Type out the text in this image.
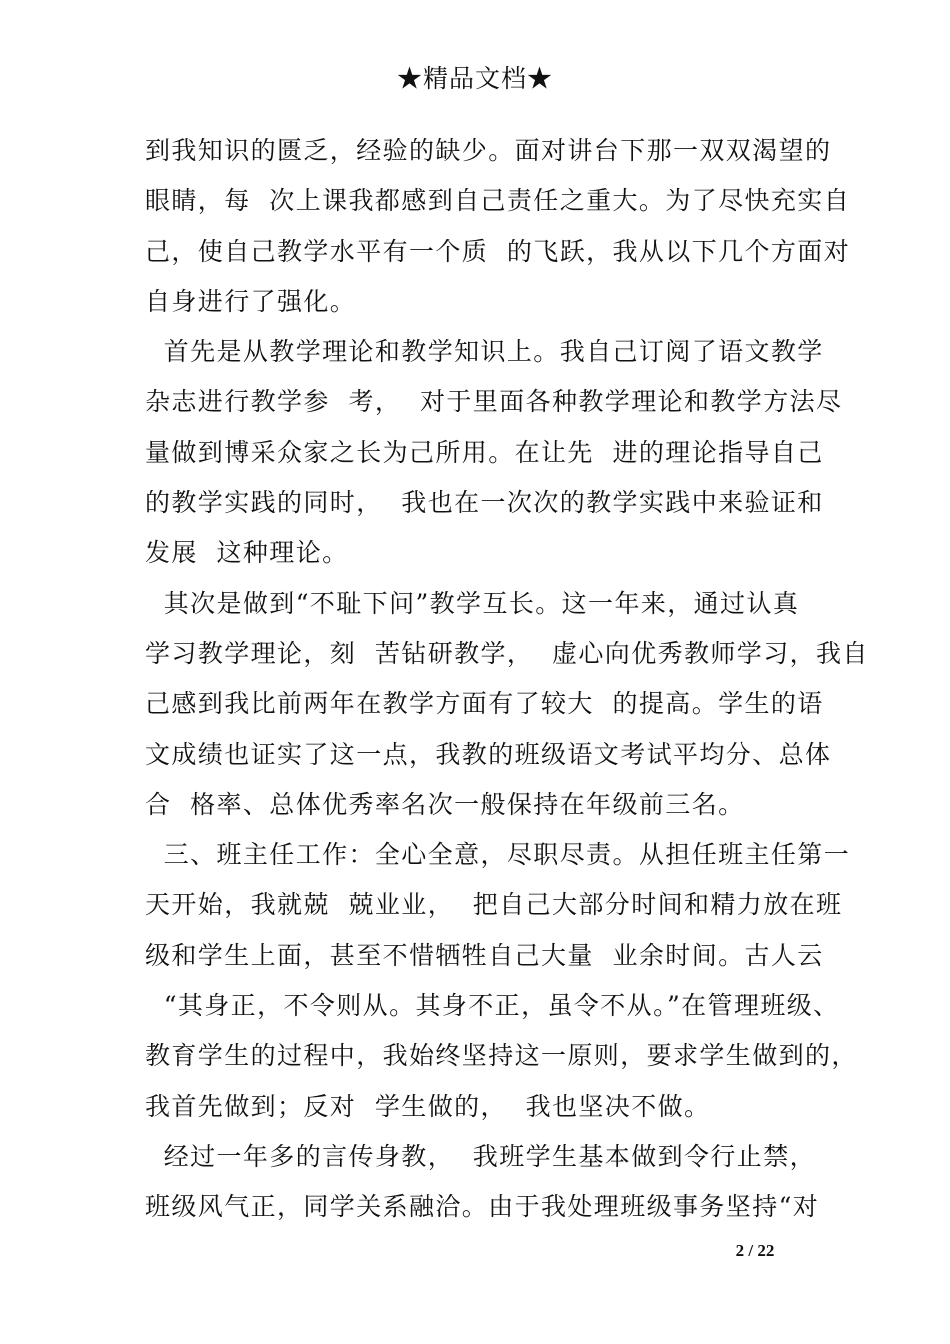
★精品文档★
到我知识的匮乏，经验的缺少。面对讲台下那一双双渴望的
眼睛，每  次上课我都感到自己责任之重大。为了尽快充实自
己，使自己教学水平有一个质  的飞跃，我从以下几个方面对
自身进行了强化。
首先是从教学理论和教学知识上。我自己订阅了语文教学
杂志进行教学参  考，  对于里面各种教学理论和教学方法尽
量做到博采众家之长为己所用。在让先  进的理论指导自己
的教学实践的同时，  我也在一次次的教学实践中来验证和
发展  这种理论。
其次是做到“不耻下问”教学互长。这一年来，通过认真
学习教学理论，刻  苦钻研教学，  虚心向优秀教师学习，我自
己感到我比前两年在教学方面有了较大  的提高。学生的语
文成绩也证实了这一点，我教的班级语文考试平均分、总体
合  格率、总体优秀率名次一般保持在年级前三名。
三、班主任工作：全心全意，尽职尽责。从担任班主任第一
天开始，我就兢  兢业业，  把自己大部分时间和精力放在班
级和学生上面，甚至不惜牺牲自己大量  业余时间。古人云
“其身正，不令则从。其身不正，虽令不从。”在管理班级、
教育学生的过程中，我始终坚持这一原则，要求学生做到的，
我首先做到；反对  学生做的，  我也坚决不做。
经过一年多的言传身教，  我班学生基本做到令行止禁，
班级风气正，同学关系融洽。由于我处理班级事务坚持“对
2 / 22
